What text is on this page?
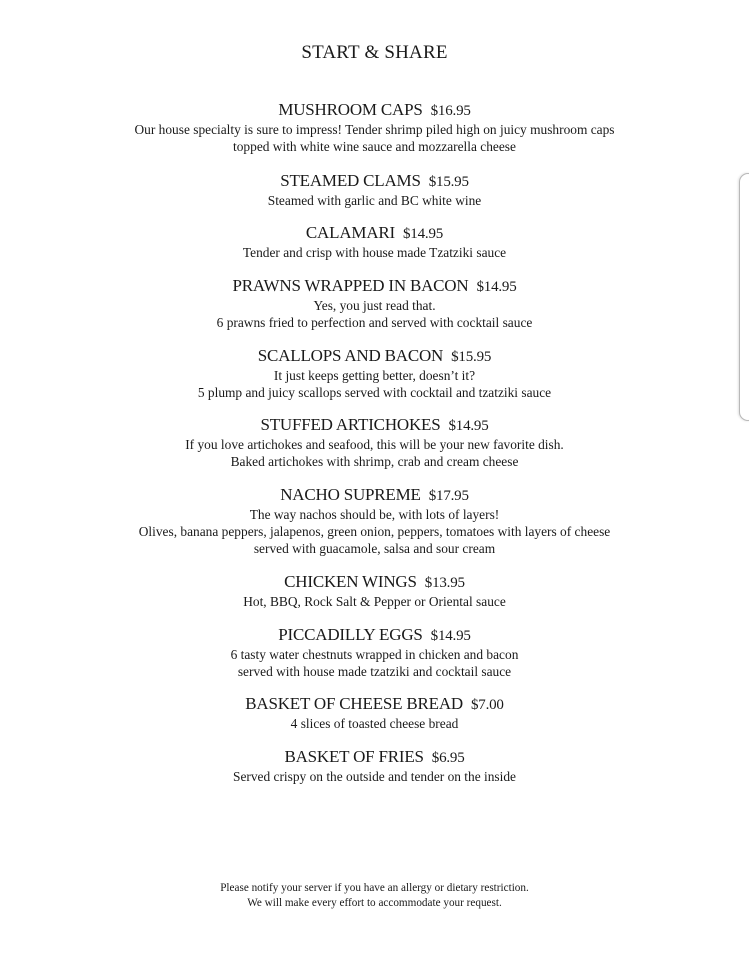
START & SHARE
MUSHROOM CAPS $16.95
Our house specialty is sure to impress! Tender shrimp piled high on juicy mushroom caps
topped with white wine sauce and mozzarella cheese
STEAMED CLAMS $15.95
Steamed with garlic and BC white wine
CALAMARI $14.95
Tender and crisp with house made Tzatziki sauce
PRAWNS WRAPPED IN BACON $14.95
Yes, you just read that.
6 prawns fried to perfection and served with cocktail sauce
SCALLOPS AND BACON $15.95
It just keeps getting better, doesn’t it?
5 plump and juicy scallops served with cocktail and tzatziki sauce
STUFFED ARTICHOKES $14.95
If you love artichokes and seafood, this will be your new favorite dish.
Baked artichokes with shrimp, crab and cream cheese
NACHO SUPREME $17.95
The way nachos should be, with lots of layers!
Olives, banana peppers, jalapenos, green onion, peppers, tomatoes with layers of cheese
served with guacamole, salsa and sour cream
CHICKEN WINGS $13.95
Hot, BBQ, Rock Salt & Pepper or Oriental sauce
PICCADILLY EGGS $14.95
6 tasty water chestnuts wrapped in chicken and bacon
served with house made tzatziki and cocktail sauce
BASKET OF CHEESE BREAD $7.00
4 slices of toasted cheese bread
BASKET OF FRIES $6.95
Served crispy on the outside and tender on the inside
Please notify your server if you have an allergy or dietary restriction.
We will make every effort to accommodate your request.
